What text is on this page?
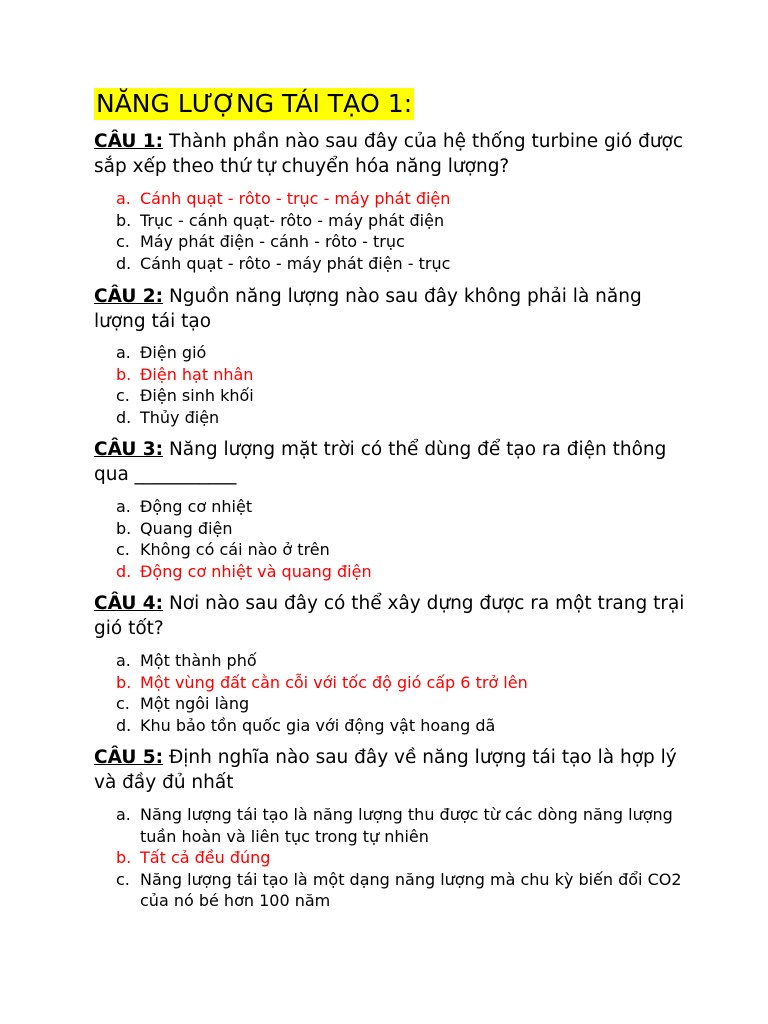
NĂNG LƯỢNG TÁI TẠO 1:

CÂU 1: Thành phần nào sau đây của hệ thống turbine gió được sắp xếp theo thứ tự chuyển hóa năng lượng?

a. Cánh quạt - rôto - trục - máy phát điện
b. Trục - cánh quạt- rôto - máy phát điện
c. Máy phát điện - cánh - rôto - trục
d. Cánh quạt - rôto - máy phát điện - trục

CÂU 2: Nguồn năng lượng nào sau đây không phải là năng lượng tái tạo

a. Điện gió
b. Điện hạt nhân
c. Điện sinh khối
d. Thủy điện

CÂU 3: Năng lượng mặt trời có thể dùng để tạo ra điện thông qua ___________

a. Động cơ nhiệt
b. Quang điện
c. Không có cái nào ở trên
d. Động cơ nhiệt và quang điện

CÂU 4: Nơi nào sau đây có thể xây dựng được ra một trang trại gió tốt?

a. Một thành phố
b. Một vùng đất cằn cỗi với tốc độ gió cấp 6 trở lên
c. Một ngôi làng
d. Khu bảo tồn quốc gia với động vật hoang dã

CÂU 5: Định nghĩa nào sau đây về năng lượng tái tạo là hợp lý và đầy đủ nhất

a. Năng lượng tái tạo là năng lượng thu được từ các dòng năng lượng tuần hoàn và liên tục trong tự nhiên
b. Tất cả đều đúng
c. Năng lượng tái tạo là một dạng năng lượng mà chu kỳ biến đổi CO2 của nó bé hơn 100 năm
